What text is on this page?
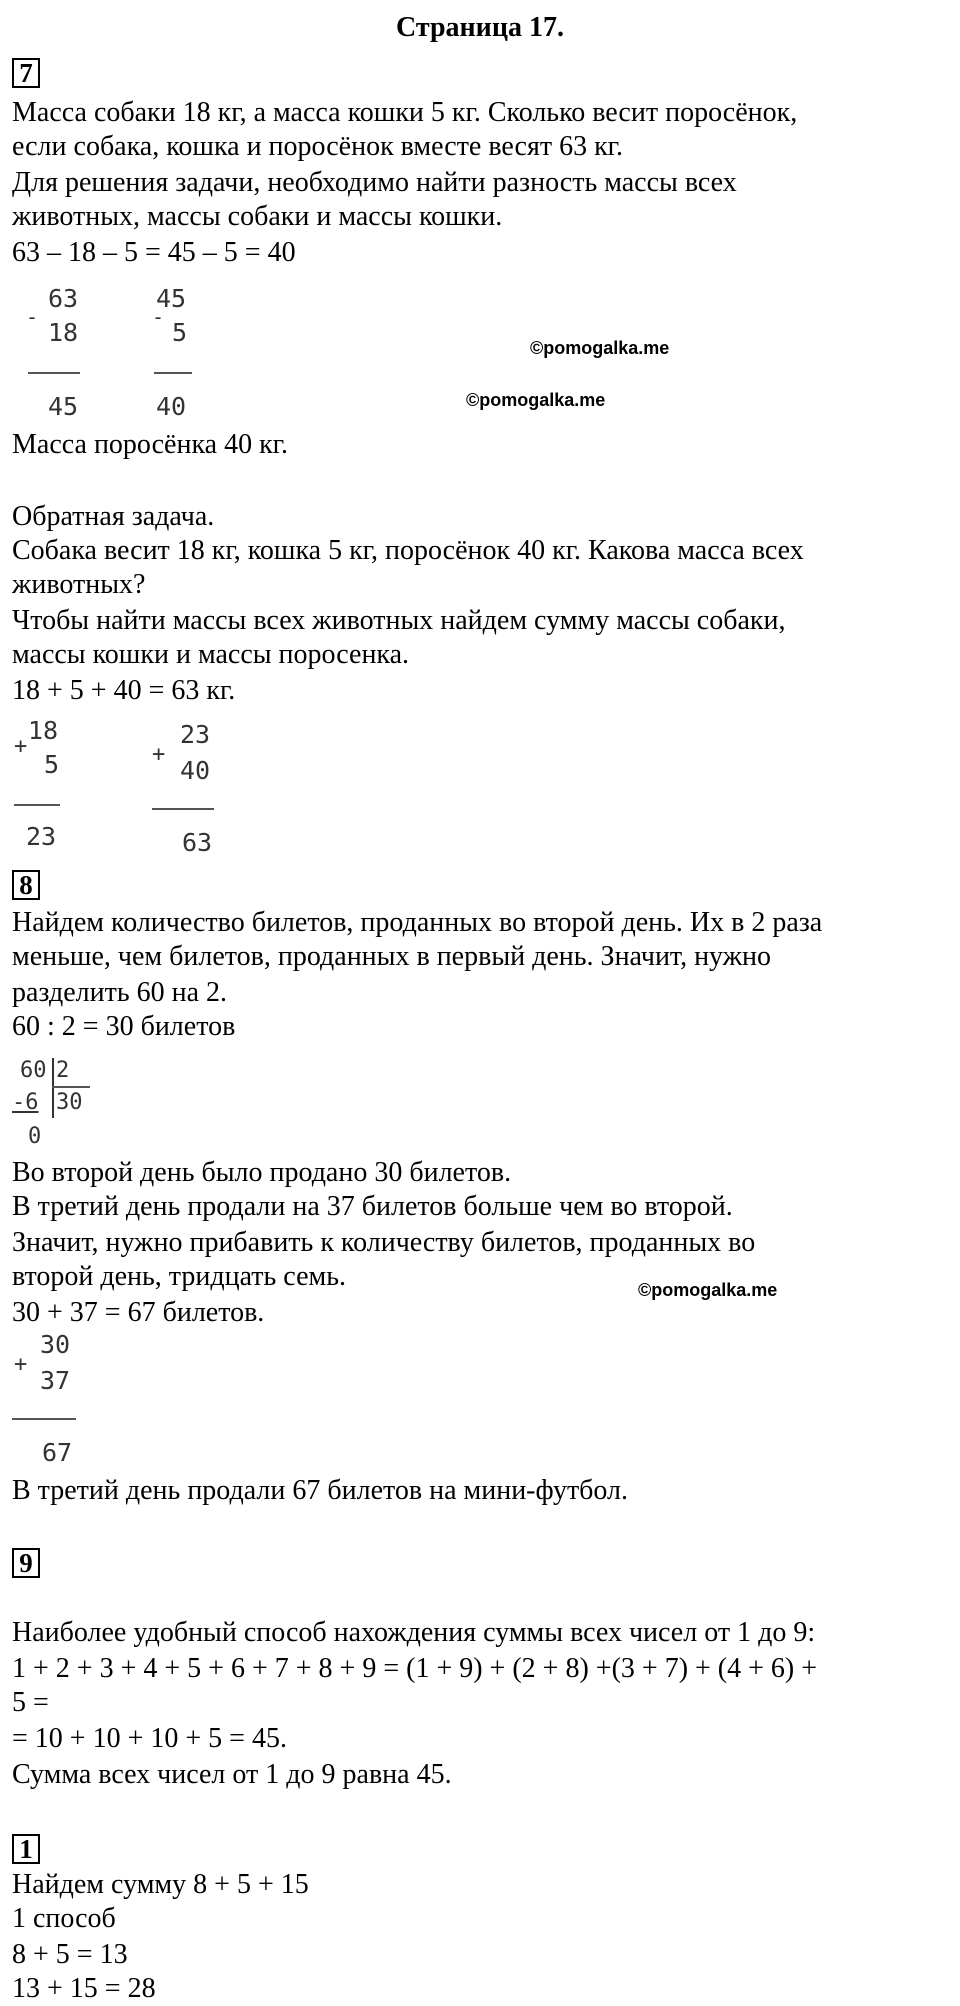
Страница 17.
7
Масса собаки 18 кг, а масса кошки 5 кг. Сколько весит поросёнок,
если собака, кошка и поросёнок вместе весят 63 кг.
Для решения задачи, необходимо найти разность массы всех
животных, массы собаки и массы кошки.
63 – 18 – 5 = 45 – 5 = 40
-
63
18
45
-
45
5
40
©pomogalka.me
©pomogalka.me
Масса поросёнка 40 кг.
Обратная задача.
Собака весит 18 кг, кошка 5 кг, поросёнок 40 кг. Какова масса всех
животных?
Чтобы найти массы всех животных найдем сумму массы собаки,
массы кошки и массы поросенка.
18 + 5 + 40 = 63 кг.
+
18
5
23
+
23
40
63
8
Найдем количество билетов, проданных во второй день. Их в 2 раза
меньше, чем билетов, проданных в первый день. Значит, нужно
разделить 60 на 2.
60 : 2 = 30 билетов
60 2
-6 30
0
Во второй день было продано 30 билетов.
В третий день продали на 37 билетов больше чем во второй.
Значит, нужно прибавить к количеству билетов, проданных во
второй день, тридцать семь.	©pomogalka.me
30 + 37 = 67 билетов.
+
30
37
67
В третий день продали 67 билетов на мини-футбол.
9
Наиболее удобный способ нахождения суммы всех чисел от 1 до 9:
1 + 2 + 3 + 4 + 5 + 6 + 7 + 8 + 9 = (1 + 9) + (2 + 8) +(3 + 7) + (4 + 6) +
5 =
= 10 + 10 + 10 + 5 = 45.
Сумма всех чисел от 1 до 9 равна 45.
1
Найдем сумму 8 + 5 + 15
1 способ
8 + 5 = 13
13 + 15 = 28
